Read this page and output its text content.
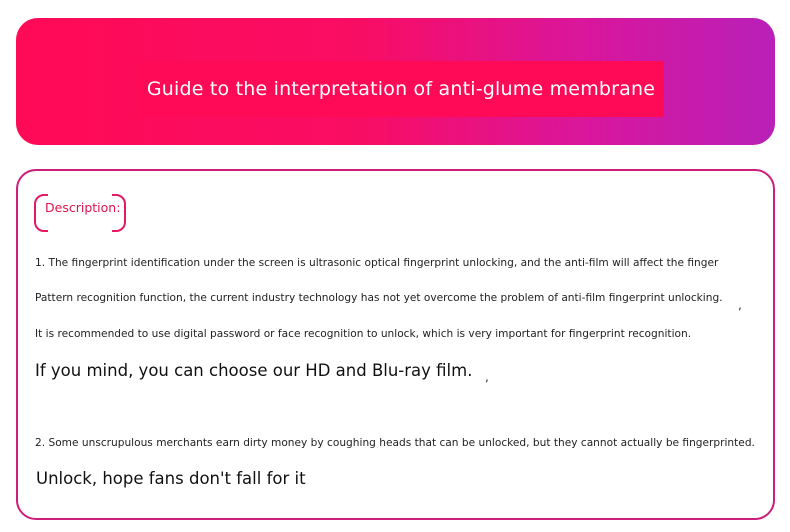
Guide to the interpretation of anti-glume membrane
Description:
1. The fingerprint identification under the screen is ultrasonic optical fingerprint unlocking, and the anti-film will affect the finger
Pattern recognition function, the current industry technology has not yet overcome the problem of anti-film fingerprint unlocking. ,
It is recommended to use digital password or face recognition to unlock, which is very important for fingerprint recognition.
If you mind, you can choose our HD and Blu-ray film. ,
2. Some unscrupulous merchants earn dirty money by coughing heads that can be unlocked, but they cannot actually be fingerprinted.
Unlock, hope fans don't fall for it
